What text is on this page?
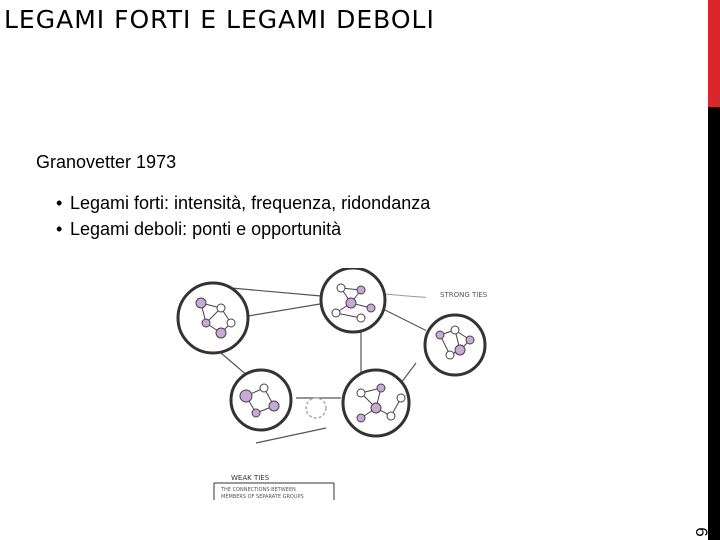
LEGAMI FORTI E LEGAMI DEBOLI
6
Granovetter 1973
• Legami forti: intensità, frequenza, ridondanza
• Legami deboli: ponti e opportunità
WEAK TIES
THE CONNECTIONS BETWEEN
MEMBERS OF SEPARATE GROUPS
STRONG TIES
